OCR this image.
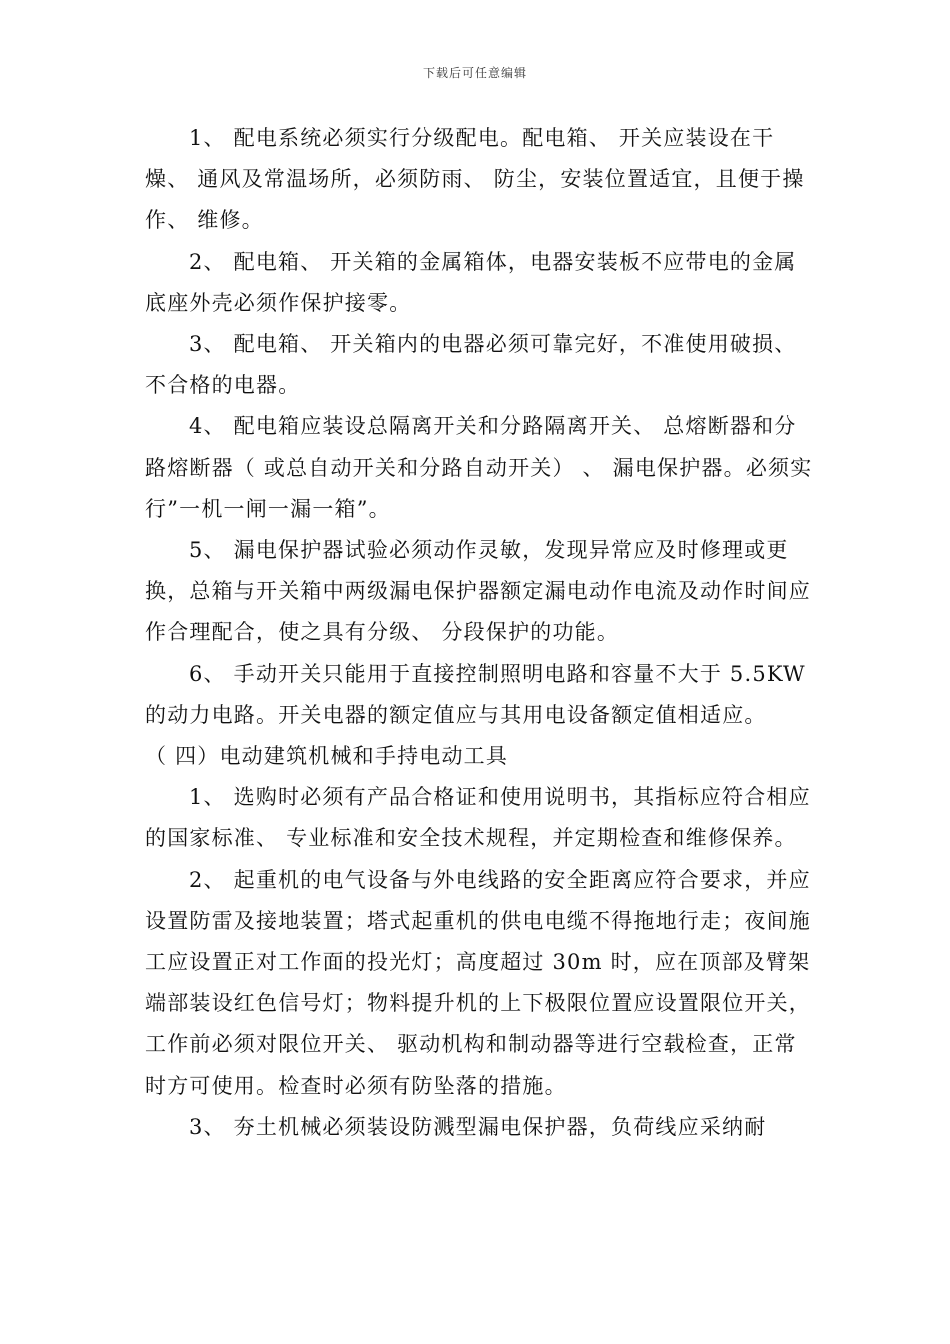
下载后可任意编辑

1、 配电系统必须实行分级配电。配电箱、 开关应装设在干燥、 通风及常温场所，必须防雨、 防尘，安装位置适宜，且便于操作、 维修。

2、 配电箱、 开关箱的金属箱体，电器安装板不应带电的金属底座外壳必须作保护接零。

3、 配电箱、 开关箱内的电器必须可靠完好，不准使用破损、 不合格的电器。

4、 配电箱应装设总隔离开关和分路隔离开关、 总熔断器和分路熔断器（ 或总自动开关和分路自动开关） 、 漏电保护器。必须实行”一机一闸一漏一箱”。

5、 漏电保护器试验必须动作灵敏，发现异常应及时修理或更换，总箱与开关箱中两级漏电保护器额定漏电动作电流及动作时间应作合理配合，使之具有分级、 分段保护的功能。

6、 手动开关只能用于直接控制照明电路和容量不大于 5.5KW 的动力电路。开关电器的额定值应与其用电设备额定值相适应。

（ 四）电动建筑机械和手持电动工具

1、 选购时必须有产品合格证和使用说明书，其指标应符合相应的国家标准、 专业标准和安全技术规程，并定期检查和维修保养。

2、 起重机的电气设备与外电线路的安全距离应符合要求，并应设置防雷及接地装置；塔式起重机的供电电缆不得拖地行走；夜间施工应设置正对工作面的投光灯；高度超过 30m 时，应在顶部及臂架端部装设红色信号灯；物料提升机的上下极限位置应设置限位开关，工作前必须对限位开关、 驱动机构和制动器等进行空载检查，正常时方可使用。检查时必须有防坠落的措施。

3、 夯土机械必须装设防溅型漏电保护器，负荷线应采纳耐
